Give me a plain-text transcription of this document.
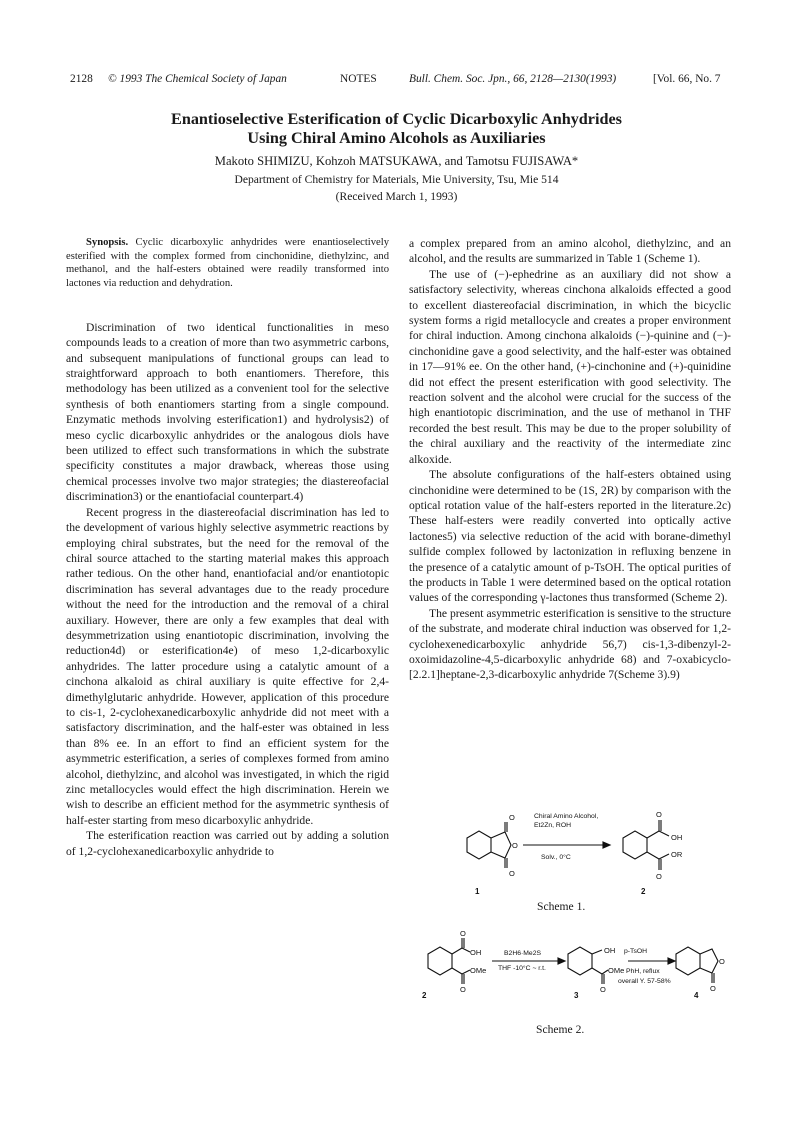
2128 © 1993 The Chemical Society of Japan	NOTES	Bull. Chem. Soc. Jpn., 66, 2128—2130(1993)	[Vol. 66, No. 7
Enantioselective Esterification of Cyclic Dicarboxylic Anhydrides
Using Chiral Amino Alcohols as Auxiliaries
Makoto SHIMIZU, Kohzoh MATSUKAWA, and Tamotsu FUJISAWA*
Department of Chemistry for Materials, Mie University, Tsu, Mie 514
(Received March 1, 1993)

Synopsis. Cyclic dicarboxylic anhydrides were enantioselectively esterified with the complex formed from cinchonidine, diethylzinc, and methanol, and the half-esters obtained were readily transformed into lactones via reduction and dehydration.

Discrimination of two identical functionalities in meso compounds leads to a creation of more than two asymmetric carbons, and subsequent manipulations of functional groups can lead to straightforward approach to both enantiomers. Therefore, this methodology has been utilized as a convenient tool for the selective synthesis of both enantiomers starting from a single compound. Enzymatic methods involving esterification1) and hydrolysis2) of meso cyclic dicarboxylic anhydrides or the analogous diols have been utilized to effect such transformations in which the substrate specificity constitutes a major drawback, whereas those using chemical processes involve two major strategies; the diastereofacial discrimination3) or the enantiofacial counterpart.4)

Recent progress in the diastereofacial discrimination has led to the development of various highly selective asymmetric reactions by employing chiral substrates, but the need for the removal of the chiral source attached to the starting material makes this approach rather tedious. On the other hand, enantiofacial and/or enantiotopic discrimination has several advantages due to the ready procedure without the need for the introduction and the removal of a chiral auxiliary. However, there are only a few examples that deal with desymmetrization using enantiotopic discrimination, involving the reduction4d) or esterification4e) of meso 1,2-dicarboxylic anhydrides. The latter procedure using a catalytic amount of a cinchona alkaloid as chiral auxiliary is quite effective for 2,4-dimethylglutaric anhydride. However, application of this procedure to cis-1, 2-cyclohexanedicarboxylic anhydride did not meet with a satisfactory discrimination, and the half-ester was obtained in less than 8% ee. In an effort to find an efficient system for the asymmetric esterification, a series of complexes formed from amino alcohol, diethylzinc, and alcohol was investigated, in which the rigid zinc metallocycles would effect the high discrimination. Herein we wish to describe an efficient method for the asymmetric synthesis of half-ester starting from meso dicarboxylic anhydride.

The esterification reaction was carried out by adding a solution of 1,2-cyclohexanedicarboxylic anhydride to

a complex prepared from an amino alcohol, diethylzinc, and an alcohol, and the results are summarized in Table 1 (Scheme 1).

The use of (−)-ephedrine as an auxiliary did not show a satisfactory selectivity, whereas cinchona alkaloids effected a good to excellent diastereofacial discrimination, in which the bicyclic system forms a rigid metallocycle and creates a proper environment for chiral induction. Among cinchona alkaloids (−)-quinine and (−)-cinchonidine gave a good selectivity, and the half-ester was obtained in 17—91% ee. On the other hand, (+)-cinchonine and (+)-quinidine did not effect the present esterification with good selectivity. The reaction solvent and the alcohol were crucial for the success of the high enantiotopic discrimination, and the use of methanol in THF recorded the best result. This may be due to the proper solubility of the chiral auxiliary and the reactivity of the intermediate zinc alkoxide.

The absolute configurations of the half-esters obtained using cinchonidine were determined to be (1S, 2R) by comparison with the optical rotation value of the half-esters reported in the literature.2c) These half-esters were readily converted into optically active lactones5) via selective reduction of the acid with borane-dimethyl sulfide complex followed by lactonization in refluxing benzene in the presence of a catalytic amount of p-TsOH. The optical purities of the products in Table 1 were determined based on the optical rotation values of the corresponding γ-lactones thus transformed (Scheme 2).

The present asymmetric esterification is sensitive to the structure of the substrate, and moderate chiral induction was observed for 1,2-cyclohexenedicarboxylic anhydride 56,7) cis-1,3-dibenzyl-2-oxoimidazoline-4,5-dicarboxylic anhydride 68) and 7-oxabicyclo-[2.2.1]heptane-2,3-dicarboxylic anhydride 7(Scheme 3).9)

O
O
O
Chiral Amino Alcohol,
Et2Zn, ROH
Solv., 0°C
O
O
OH
OR
1	2
Scheme 1.
O
OH
OMe
O
B2H6·Me2S
THF -10°C ~ r.t.
OH
OMe
O
p-TsOH
PhH, reflux
overall Y. 57-58%
O
O
2	3	4
Scheme 2.
